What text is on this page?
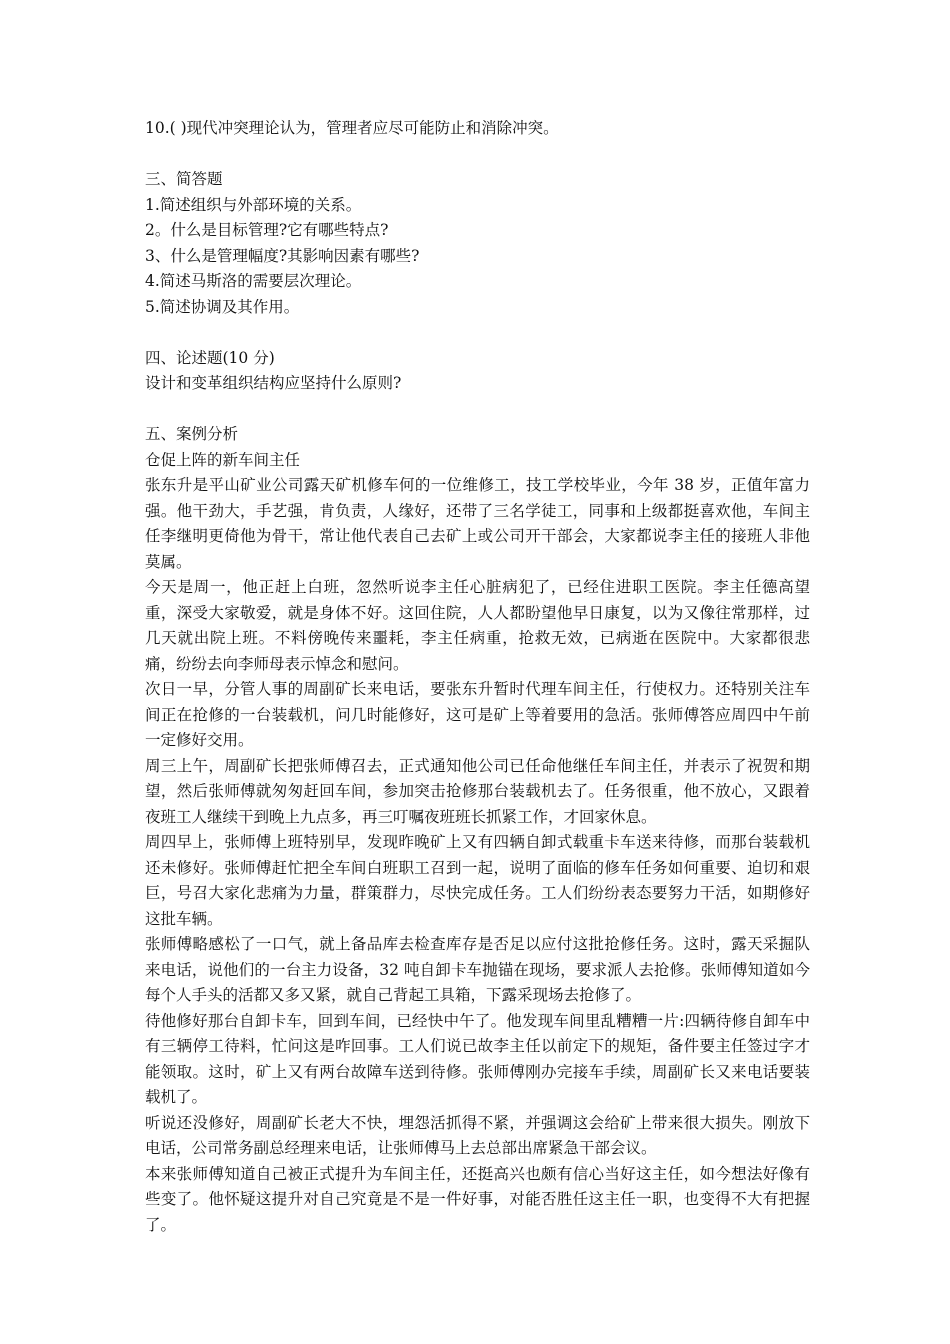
10.( )现代冲突理论认为，管理者应尽可能防止和消除冲突。
三、简答题
1.简述组织与外部环境的关系。
2。什么是目标管理?它有哪些特点?
3、什么是管理幅度?其影响因素有哪些?
4.简述马斯洛的需要层次理论。
5.简述协调及其作用。
四、论述题(10 分)
设计和变革组织结构应坚持什么原则?
五、案例分析
仓促上阵的新车间主任
张东升是平山矿业公司露天矿机修车何的一位维修工，技工学校毕业，今年 38 岁，正值年富力强。他干劲大，手艺强，肯负责，人缘好，还带了三名学徒工，同事和上级都挺喜欢他，车间主任李继明更倚他为骨干，常让他代表自己去矿上或公司开干部会，大家都说李主任的接班人非他莫属。
今天是周一，他正赶上白班，忽然听说李主任心脏病犯了，已经住进职工医院。李主任德高望重，深受大家敬爱，就是身体不好。这回住院，人人都盼望他早日康复，以为又像往常那样，过几天就出院上班。不料傍晚传来噩耗，李主任病重，抢救无效，已病逝在医院中。大家都很悲痛，纷纷去向李师母表示悼念和慰问。
次日一早，分管人事的周副矿长来电话，要张东升暂时代理车间主任，行使权力。还特别关注车间正在抢修的一台装载机，问几时能修好，这可是矿上等着要用的急活。张师傅答应周四中午前一定修好交用。
周三上午，周副矿长把张师傅召去，正式通知他公司已任命他继任车间主任，并表示了祝贺和期望，然后张师傅就匆匆赶回车间，参加突击抢修那台装载机去了。任务很重，他不放心，又跟着夜班工人继续干到晚上九点多，再三叮嘱夜班班长抓紧工作，才回家休息。
周四早上，张师傅上班特别早，发现昨晚矿上又有四辆自卸式载重卡车送来待修，而那台装载机还未修好。张师傅赶忙把全车间白班职工召到一起，说明了面临的修车任务如何重要、迫切和艰巨，号召大家化悲痛为力量，群策群力，尽快完成任务。工人们纷纷表态要努力干活，如期修好这批车辆。
张师傅略感松了一口气，就上备品库去检查库存是否足以应付这批抢修任务。这时，露天采掘队来电话，说他们的一台主力设备，32 吨自卸卡车抛锚在现场，要求派人去抢修。张师傅知道如今每个人手头的活都又多又紧，就自己背起工具箱，下露采现场去抢修了。
待他修好那台自卸卡车，回到车间，已经快中午了。他发现车间里乱糟糟一片:四辆待修自卸车中有三辆停工待料，忙问这是咋回事。工人们说已故李主任以前定下的规矩，备件要主任签过字才能领取。这时，矿上又有两台故障车送到待修。张师傅刚办完接车手续，周副矿长又来电话要装载机了。
听说还没修好，周副矿长老大不快，埋怨活抓得不紧，并强调这会给矿上带来很大损失。刚放下电话，公司常务副总经理来电话，让张师傅马上去总部出席紧急干部会议。
本来张师傅知道自己被正式提升为车间主任，还挺高兴也颇有信心当好这主任，如今想法好像有些变了。他怀疑这提升对自己究竟是不是一件好事，对能否胜任这主任一职，也变得不大有把握了。
